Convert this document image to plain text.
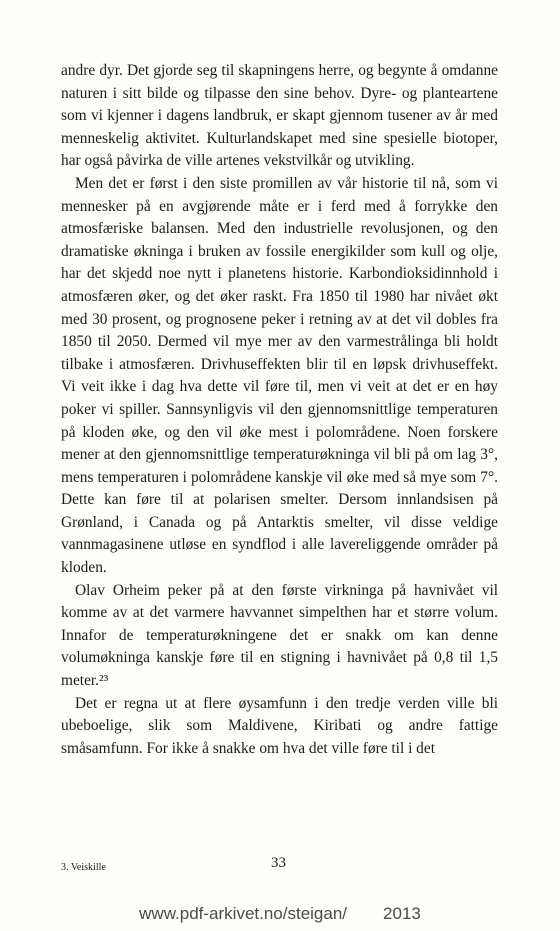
andre dyr. Det gjorde seg til skapningens herre, og begynte å omdanne naturen i sitt bilde og tilpasse den sine behov. Dyre- og planteartene som vi kjenner i dagens landbruk, er skapt gjennom tusener av år med menneskelig aktivitet. Kulturlandskapet med sine spesielle biotoper, har også påvirka de ville artenes vekstvilkår og utvikling.

Men det er først i den siste promillen av vår historie til nå, som vi mennesker på en avgjørende måte er i ferd med å forrykke den atmosfæriske balansen. Med den industrielle revolusjonen, og den dramatiske økninga i bruken av fossile energikilder som kull og olje, har det skjedd noe nytt i planetens historie. Karbondioksidinnhold i atmosfæren øker, og det øker raskt. Fra 1850 til 1980 har nivået økt med 30 prosent, og prognosene peker i retning av at det vil dobles fra 1850 til 2050. Dermed vil mye mer av den varmestrålinga bli holdt tilbake i atmosfæren. Drivhuseffekten blir til en løpsk drivhuseffekt. Vi veit ikke i dag hva dette vil føre til, men vi veit at det er en høy poker vi spiller. Sannsynligvis vil den gjennomsnittlige temperaturen på kloden øke, og den vil øke mest i polområdene. Noen forskere mener at den gjennomsnittlige temperaturøkninga vil bli på om lag 3°, mens temperaturen i polområdene kanskje vil øke med så mye som 7°. Dette kan føre til at polarisen smelter. Dersom innlandsisen på Grønland, i Canada og på Antarktis smelter, vil disse veldige vannmagasinene utløse en syndflod i alle lavereliggende områder på kloden.

Olav Orheim peker på at den første virkninga på havnivået vil komme av at det varmere havvannet simpelthen har et større volum. Innafor de temperaturøkningene det er snakk om kan denne volumøkninga kanskje føre til en stigning i havnivået på 0,8 til 1,5 meter.²³

Det er regna ut at flere øysamfunn i den tredje verden ville bli ubeboelige, slik som Maldivene, Kiribati og andre fattige småsamfunn. For ikke å snakke om hva det ville føre til i det

3. Veiskille	33
www.pdf-arkivet.no/steigan/ 2013
